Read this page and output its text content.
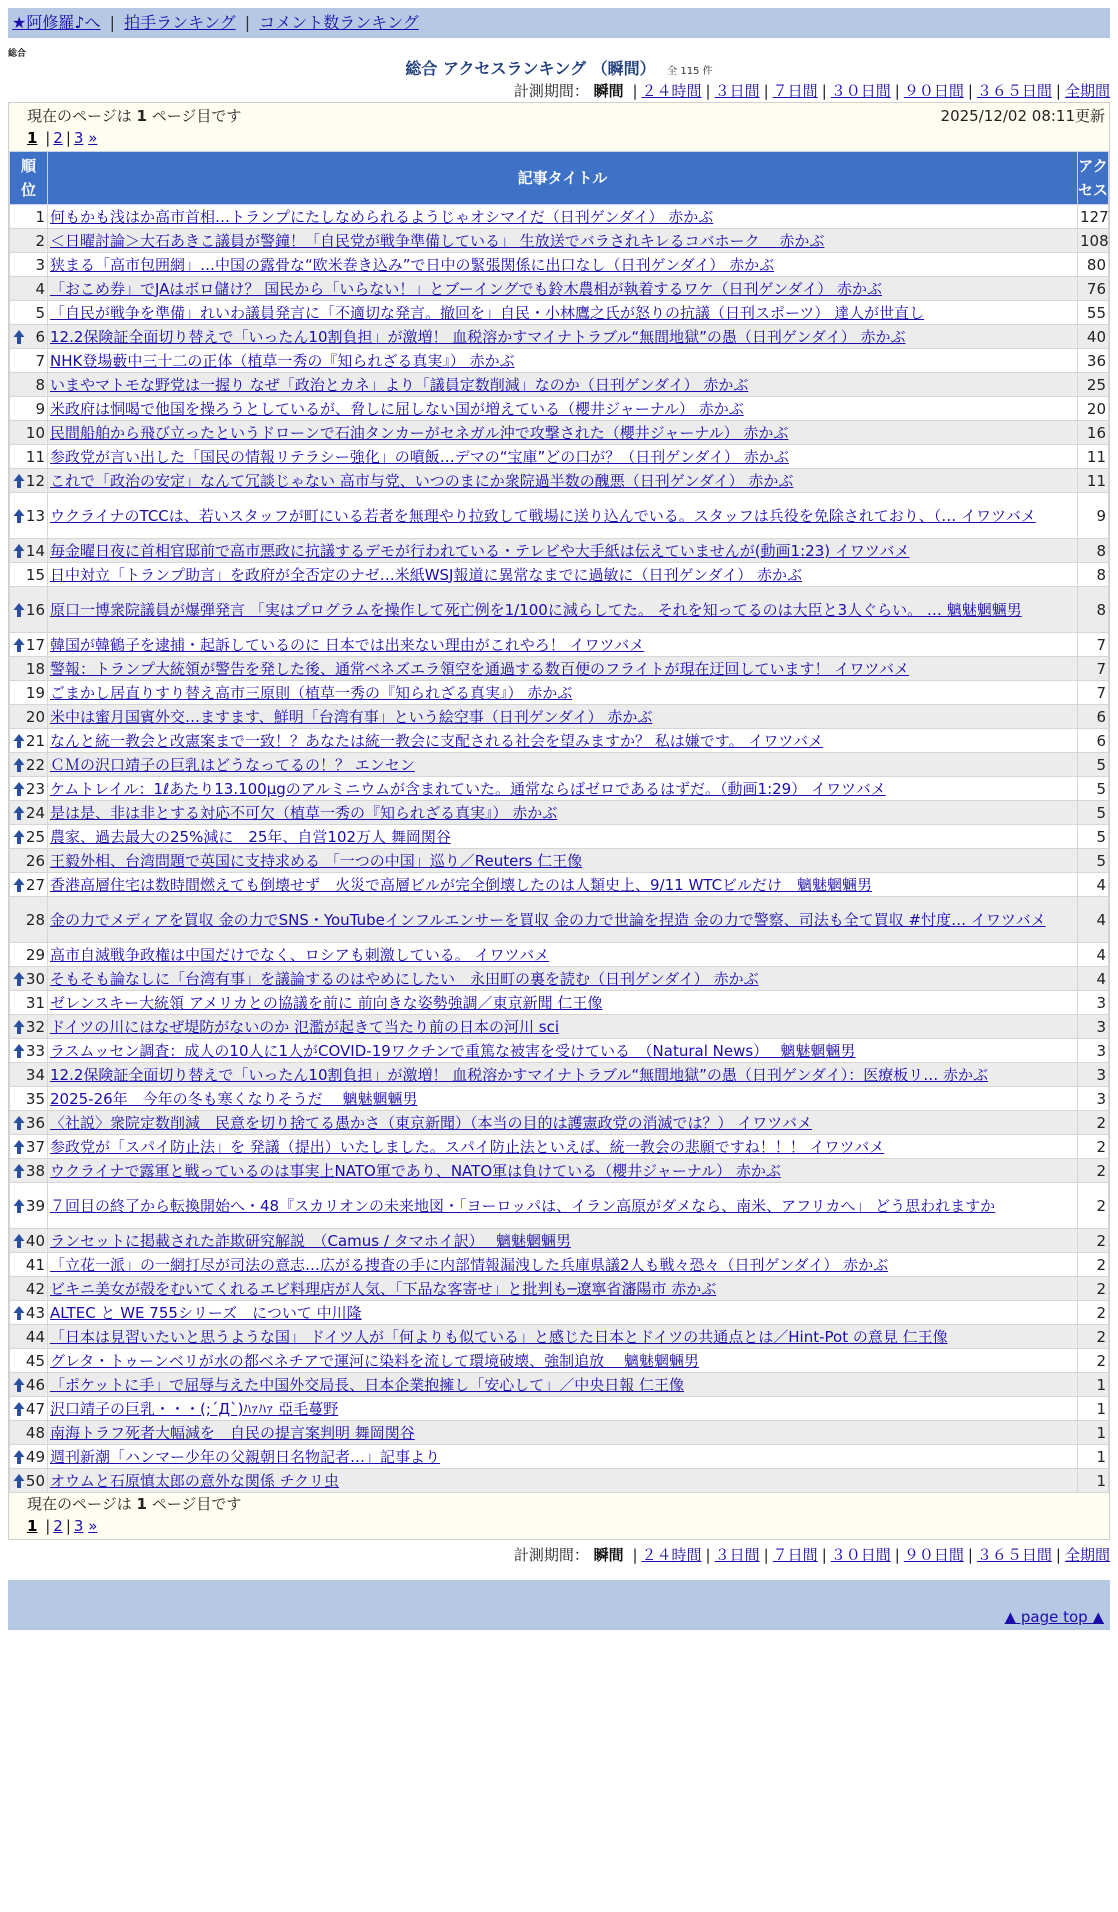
★阿修羅♪へ | 拍手ランキング | コメント数ランキング
総合
総合 アクセスランキング （瞬間） 全 115 件
計測期間： 瞬間 | ２４時間 | ３日間 | ７日間 | ３０日間 | ９０日間 | ３６５日間 | 全期間
現在のページは 1 ページ目です	2025/12/02 08:11更新
1 | 2 | 3 »
順
位	記事タイトル	アク
セス
1	何もかも浅はか高市首相…トランプにたしなめられるようじゃオシマイだ（日刊ゲンダイ） 赤かぶ	127
2	＜日曜討論＞大石あきこ議員が警鐘！「自民党が戦争準備している」 生放送でバラされキレるコバホーク　 赤かぶ	108
3	狭まる「高市包囲網」…中国の露骨な“欧米巻き込み”で日中の緊張関係に出口なし（日刊ゲンダイ） 赤かぶ	80
4	「おこめ券」でJAはボロ儲け？ 国民から「いらない！」とブーイングでも鈴木農相が執着するワケ（日刊ゲンダイ） 赤かぶ	76
5	「自民が戦争を準備」れいわ議員発言に「不適切な発言。撤回を」自民・小林鷹之氏が怒りの抗議（日刊スポーツ） 達人が世直し	55

6	12.2保険証全面切り替えで「いったん10割負担」が激増！ 血税溶かすマイナトラブル“無間地獄”の愚（日刊ゲンダイ） 赤かぶ	40
7	NHK登場藪中三十二の正体（植草一秀の『知られざる真実』） 赤かぶ	36
8	いまやマトモな野党は一握り なぜ「政治とカネ」より「議員定数削減」なのか（日刊ゲンダイ） 赤かぶ	25
9	米政府は恫喝で他国を操ろうとしているが、脅しに屈しない国が増えている（櫻井ジャーナル） 赤かぶ	20
10	民間船舶から飛び立ったというドローンで石油タンカーがセネガル沖で攻撃された（櫻井ジャーナル） 赤かぶ	16
11	参政党が言い出した「国民の情報リテラシー強化」の噴飯…デマの“宝庫”どの口が？（日刊ゲンダイ） 赤かぶ	11

12	これで「政治の安定」なんて冗談じゃない 高市与党、いつのまにか衆院過半数の醜悪（日刊ゲンダイ） 赤かぶ	11

13	ウクライナのTCCは、若いスタッフが町にいる若者を無理やり拉致して戦場に送り込んでいる。スタッフは兵役を免除されており、（… イワツバメ	9

14	毎金曜日夜に首相官邸前で高市悪政に抗議するデモが行われている・テレビや大手紙は伝えていませんが(動画1:23) イワツバメ	8
15	日中対立「トランプ助言」を政府が全否定のナゼ…米紙WSJ報道に異常なまでに過敏に（日刊ゲンダイ） 赤かぶ	8

16	原口一博衆院議員が爆弾発言 「実はプログラムを操作して死亡例を1/100に減らしてた。 それを知ってるのは大臣と3人ぐらい。 … 魑魅魍魎男	8

17	韓国が韓鶴子を逮捕・起訴しているのに 日本では出来ない理由がこれやろ！ イワツバメ	7
18	警報：トランプ大統領が警告を発した後、通常ベネズエラ領空を通過する数百便のフライトが現在迂回しています！ イワツバメ	7
19	ごまかし居直りすり替え高市三原則（植草一秀の『知られざる真実』） 赤かぶ	7
20	米中は蜜月国賓外交…ますます、鮮明「台湾有事」という絵空事（日刊ゲンダイ） 赤かぶ	6

21	なんと統一教会と改憲案まで一致！？あなたは統一教会に支配される社会を望みますか？ 私は嫌です。 イワツバメ	6

22	ＣＭの沢口靖子の巨乳はどうなってるの！？ エンセン	5

23	ケムトレイル：1ℓあたり13.100μgのアルミニウムが含まれていた。通常ならばゼロであるはずだ。（動画1:29） イワツバメ	5

24	是は是、非は非とする対応不可欠（植草一秀の『知られざる真実』） 赤かぶ	5

25	農家、過去最大の25%減に　25年、自営102万人 舞岡関谷	5
26	王毅外相、台湾問題で英国に支持求める 「一つの中国」巡り／Reuters 仁王像	5

27	香港高層住宅は数時間燃えても倒壊せず　火災で高層ビルが完全倒壊したのは人類史上、9/11 WTCビルだけ　魑魅魍魎男	4
28	金の力でメディアを買収 金の力でSNS・YouTubeインフルエンサーを買収 金の力で世論を捏造 金の力で警察、司法も全て買収 #忖度… イワツバメ	4
29	高市自滅戦争政権は中国だけでなく、ロシアも刺激している。 イワツバメ	4

30	そもそも論なしに「台湾有事」を議論するのはやめにしたい　永田町の裏を読む（日刊ゲンダイ） 赤かぶ	4
31	ゼレンスキー大統領 アメリカとの協議を前に 前向きな姿勢強調／東京新聞 仁王像	3

32	ドイツの川にはなぜ堤防がないのか 氾濫が起きて当たり前の日本の河川 sci	3

33	ラスムッセン調査：成人の10人に1人がCOVID-19ワクチンで重篤な被害を受けている　（Natural News）　 魑魅魍魎男	3
34	12.2保険証全面切り替えで「いったん10割負担」が激増！ 血税溶かすマイナトラブル“無間地獄”の愚（日刊ゲンダイ）：医療板リ… 赤かぶ	3
35	2025-26年　今年の冬も寒くなりそうだ　 魑魅魍魎男	3

36	〈社説〉衆院定数削減　民意を切り捨てる愚かさ（東京新聞）（本当の目的は護憲政党の消滅では？） イワツバメ	2

37	参政党が「スパイ防止法」を 発議（提出）いたしました。スパイ防止法といえば、統一教会の悲願ですね！！！ イワツバメ	2

38	ウクライナで露軍と戦っているのは事実上NATO軍であり、NATO軍は負けている（櫻井ジャーナル） 赤かぶ	2

39	７回目の終了から転換開始へ・48『スカリオンの未来地図・「ヨーロッパは、イラン高原がダメなら、南米、アフリカへ」 どう思われますか	2

40	ランセットに掲載された詐欺研究解説　（Camus / タマホイ訳）　 魑魅魍魎男	2
41	「立花一派」の一網打尽が司法の意志…広がる捜査の手に内部情報漏洩した兵庫県議2人も戦々恐々（日刊ゲンダイ） 赤かぶ	2
42	ビキニ美女が殻をむいてくれるエビ料理店が人気、「下品な客寄せ」と批判も─遼寧省瀋陽市 赤かぶ	2

43	ALTEC と WE 755シリーズ　について 中川隆	2
44	「日本は見習いたいと思うような国」 ドイツ人が「何よりも似ている」と感じた日本とドイツの共通点とは／Hint-Pot の意見 仁王像	2
45	グレタ・トゥーンベリが水の都ベネチアで運河に染料を流して環境破壊、強制追放　 魑魅魍魎男	2

46	「ポケットに手」で屈辱与えた中国外交局長、日本企業抱擁し「安心して」／中央日報 仁王像	1

47	沢口靖子の巨乳・・・(;´Д`)ﾊｧﾊｧ 亞毛蔓野	1
48	南海トラフ死者大幅減を　自民の提言案判明 舞岡関谷	1

49	週刊新潮「ハンマー少年の父親朝日名物記者…」記事より	1

50	オウムと石原慎太郎の意外な関係 チクリ虫	1
現在のページは 1 ページ目です
1 | 2 | 3 »
計測期間： 瞬間 | ２４時間 | ３日間 | ７日間 | ３０日間 | ９０日間 | ３６５日間 | 全期間
▲ page top ▲
